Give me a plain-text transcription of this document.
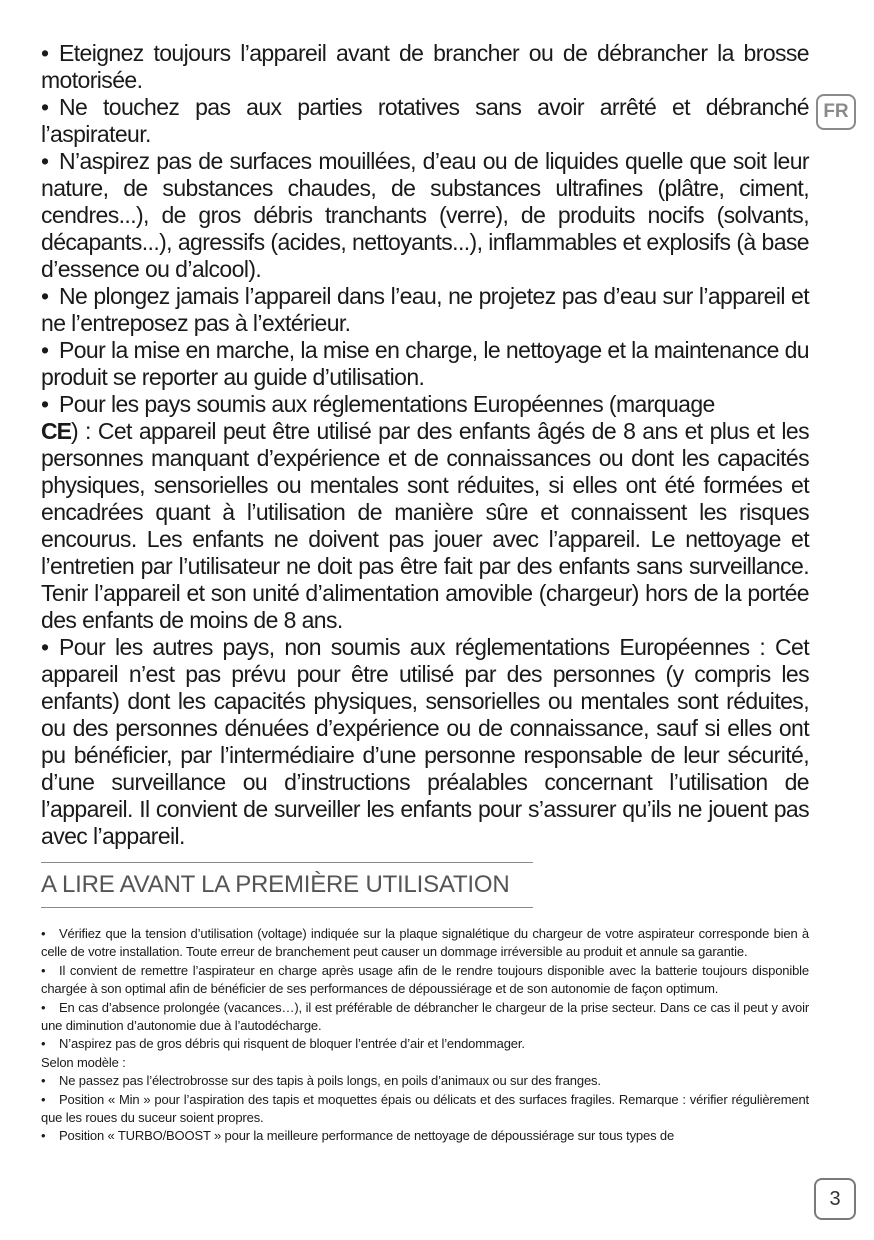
FR

• Eteignez toujours l’appareil avant de brancher ou de débrancher la brosse motorisée.

• Ne touchez pas aux parties rotatives sans avoir arrêté et débranché l’aspirateur.

• N’aspirez pas de surfaces mouillées, d’eau ou de liquides quelle que soit leur nature, de substances chaudes, de substances ultrafines (plâtre, ciment, cendres...), de gros débris tranchants (verre), de produits nocifs (solvants, décapants...), agressifs (acides, nettoyants...), inflammables et explosifs (à base d’essence ou d’alcool).

• Ne plongez jamais l’appareil dans l’eau, ne projetez pas d’eau sur l’appareil et ne l’entreposez pas à l’extérieur.

• Pour la mise en marche, la mise en charge, le nettoyage et la maintenance du produit se reporter au guide d’utilisation.

• Pour les pays soumis aux réglementations Européennes (marquage
CE) : Cet appareil peut être utilisé par des enfants âgés de 8 ans et plus et les personnes manquant d’expérience et de connaissances ou dont les capacités physiques, sensorielles ou mentales sont réduites, si elles ont été formées et encadrées quant à l’utilisation de manière sûre et connaissent les risques encourus. Les enfants ne doivent pas jouer avec l’appareil. Le nettoyage et l’entretien par l’utilisateur ne doit pas être fait par des enfants sans surveillance. Tenir l’appareil et son unité d’alimentation amovible (chargeur) hors de la portée des enfants de moins de 8 ans.

• Pour les autres pays, non soumis aux réglementations Européennes : Cet appareil n’est pas prévu pour être utilisé par des personnes (y compris les enfants) dont les capacités physiques, sensorielles ou mentales sont réduites, ou des personnes dénuées d’expérience ou de connaissance, sauf si elles ont pu bénéficier, par l’intermédiaire d’une personne responsable de leur sécurité, d’une surveillance ou d’instructions préalables concernant l’utilisation de l’appareil. Il convient de surveiller les enfants pour s’assurer qu’ils ne jouent pas avec l’appareil.

A LIRE AVANT LA PREMIÈRE UTILISATION

• Vérifiez que la tension d’utilisation (voltage) indiquée sur la plaque signalétique du chargeur de votre aspirateur corresponde bien à celle de votre installation. Toute erreur de branchement peut causer un dommage irréversible au produit et annule sa garantie.

• Il convient de remettre l’aspirateur en charge après usage afin de le rendre toujours disponible avec la batterie toujours disponible chargée à son optimal afin de bénéficier de ses performances de dépoussiérage et de son autonomie de façon optimum.

• En cas d’absence prolongée (vacances…), il est préférable de débrancher le chargeur de la prise secteur. Dans ce cas il peut y avoir une diminution d’autonomie due à l’autodécharge.

• N’aspirez pas de gros débris qui risquent de bloquer l’entrée d’air et l’endommager.

Selon modèle :

• Ne passez pas l’électrobrosse sur des tapis à poils longs, en poils d’animaux ou sur des franges.

• Position « Min » pour l’aspiration des tapis et moquettes épais ou délicats et des surfaces fragiles. Remarque : vérifier régulièrement que les roues du suceur soient propres.

• Position « TURBO/BOOST » pour la meilleure performance de nettoyage de dépoussiérage sur tous types de

3
